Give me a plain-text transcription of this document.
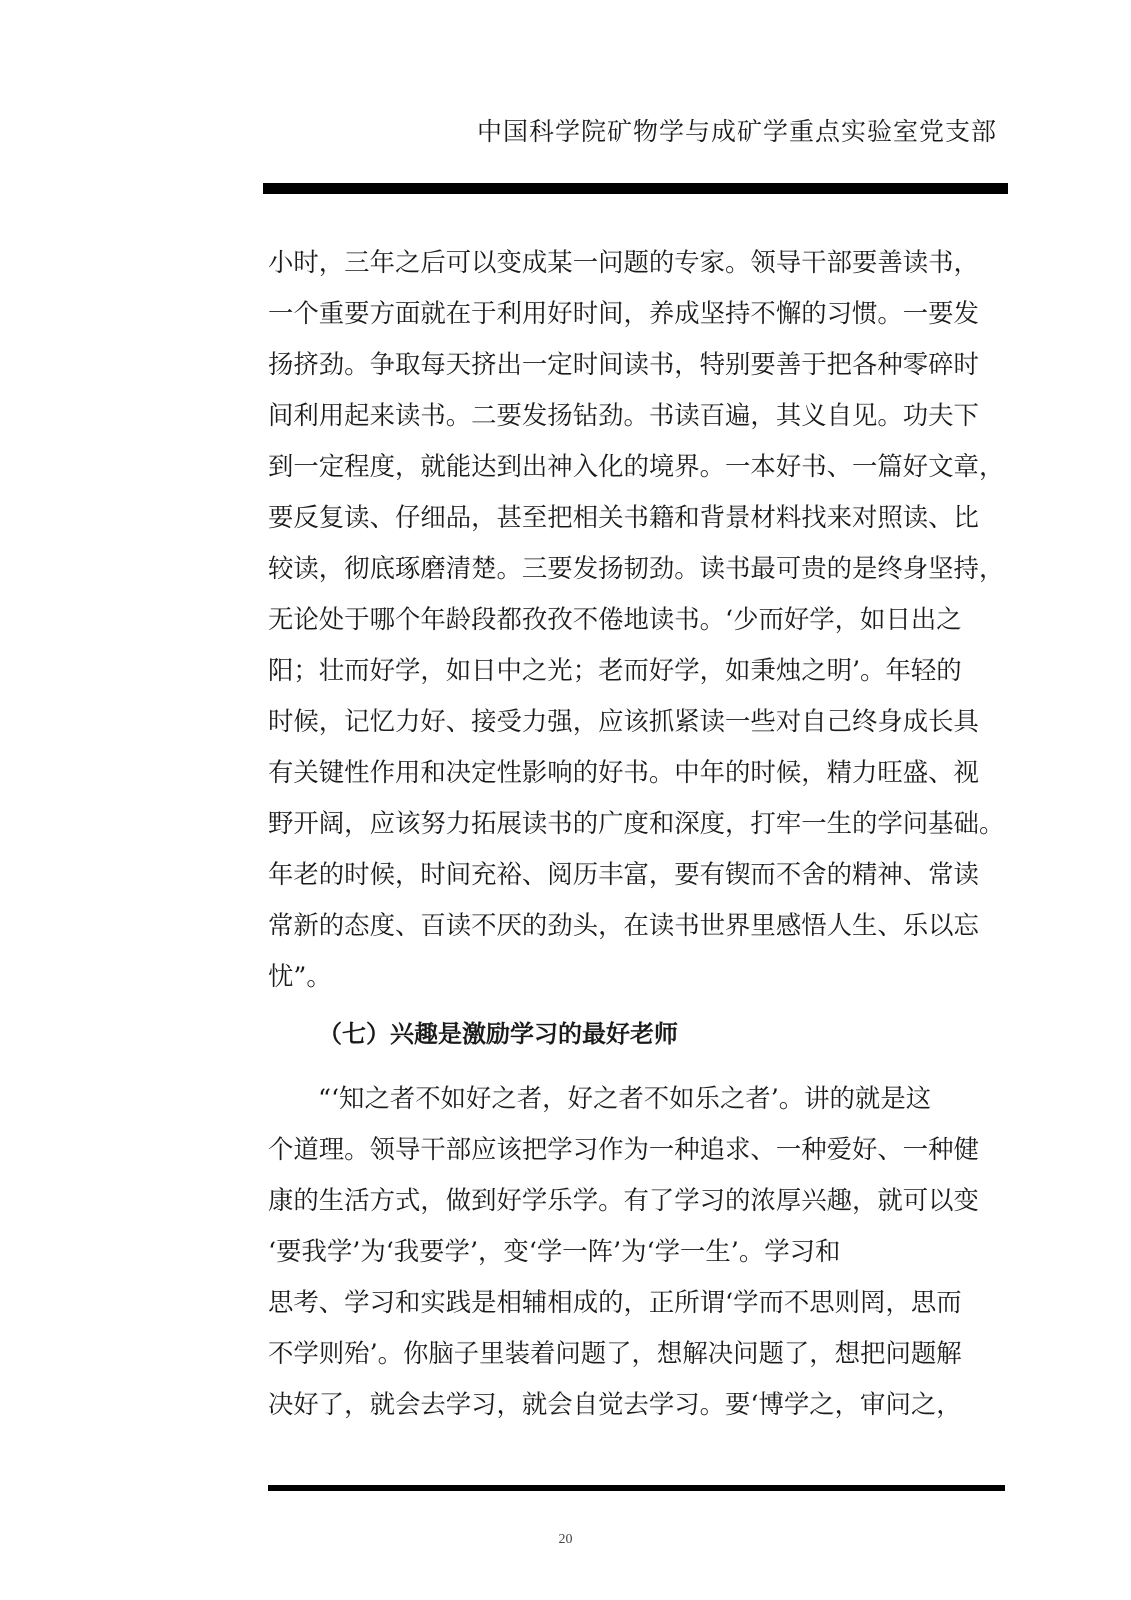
中国科学院矿物学与成矿学重点实验室党支部
小时，三年之后可以变成某一问题的专家。领导干部要善读书，
一个重要方面就在于利用好时间，养成坚持不懈的习惯。一要发
扬挤劲。争取每天挤出一定时间读书，特别要善于把各种零碎时
间利用起来读书。二要发扬钻劲。书读百遍，其义自见。功夫下
到一定程度，就能达到出神入化的境界。一本好书、一篇好文章，
要反复读、仔细品，甚至把相关书籍和背景材料找来对照读、比
较读，彻底琢磨清楚。三要发扬韧劲。读书最可贵的是终身坚持，
无论处于哪个年龄段都孜孜不倦地读书。‘少而好学，如日出之
阳；壮而好学，如日中之光；老而好学，如秉烛之明’。年轻的
时候，记忆力好、接受力强，应该抓紧读一些对自己终身成长具
有关键性作用和决定性影响的好书。中年的时候，精力旺盛、视
野开阔，应该努力拓展读书的广度和深度，打牢一生的学问基础。
年老的时候，时间充裕、阅历丰富，要有锲而不舍的精神、常读
常新的态度、百读不厌的劲头，在读书世界里感悟人生、乐以忘
忧”。
（七）兴趣是激励学习的最好老师
“‘知之者不如好之者，好之者不如乐之者’。讲的就是这
个道理。领导干部应该把学习作为一种追求、一种爱好、一种健
康的生活方式，做到好学乐学。有了学习的浓厚兴趣，就可以变
‘要我学’为‘我要学’，变‘学一阵’为‘学一生’。学习和
思考、学习和实践是相辅相成的，正所谓‘学而不思则罔，思而
不学则殆’。你脑子里装着问题了，想解决问题了，想把问题解
决好了，就会去学习，就会自觉去学习。要‘博学之，审问之，
20
